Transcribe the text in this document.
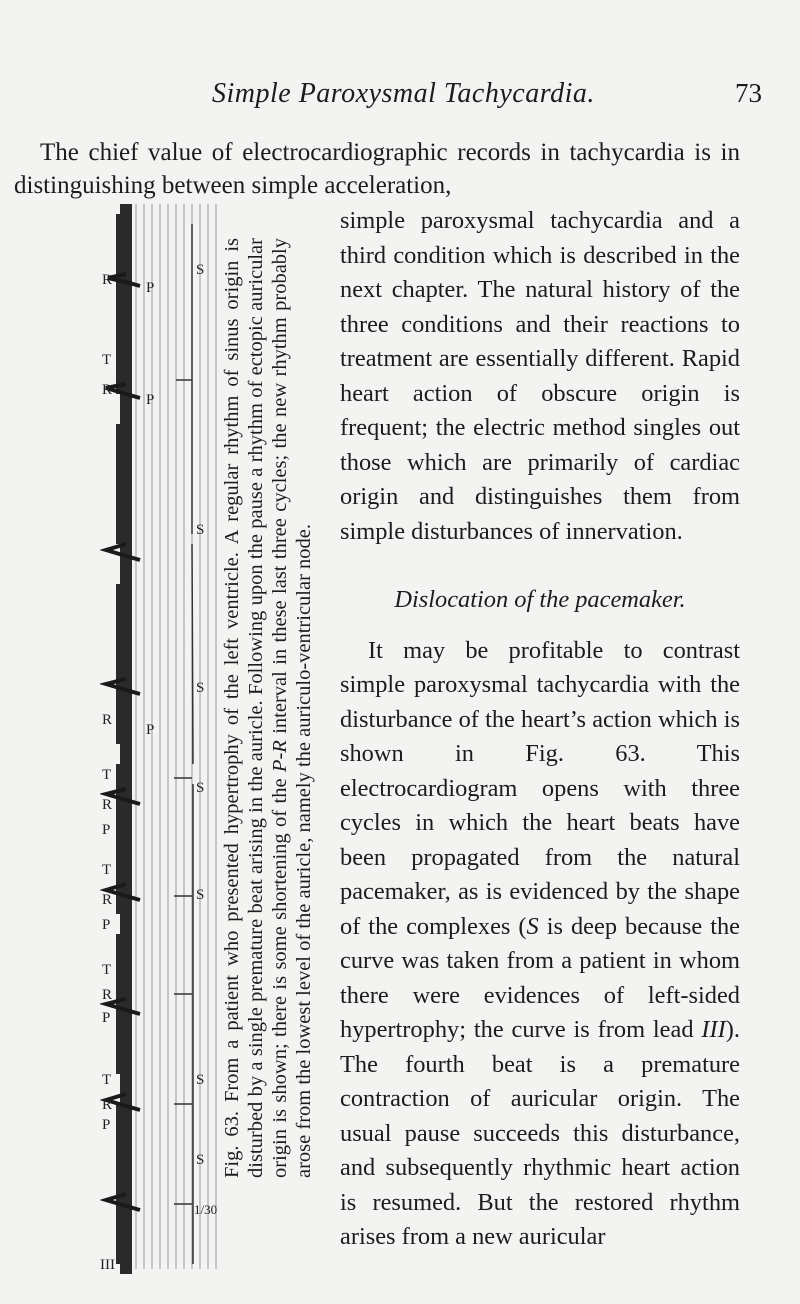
Simple Paroxysmal Tachycardia.	73

The chief value of electrocardiographic records in tachycardia is in distinguishing between simple acceleration,

simple paroxysmal tachycardia and a third condition which is described in the next chapter. The natural history of the three conditions and their reactions to treatment are essentially different. Rapid heart action of obscure origin is frequent; the electric method singles out those which are primarily of cardiac origin and distinguishes them from simple disturbances of innervation.

Dislocation of the pacemaker.

It may be profitable to contrast simple paroxysmal tachycardia with the disturbance of the heart’s action which is shown in Fig. 63. This electrocardiogram opens with three cycles in which the heart beats have been propagated from the natural pacemaker, as is evidenced by the shape of the complexes (S is deep because the curve was taken from a patient in whom there were evidences of left-sided hypertrophy; the curve is from lead III). The fourth beat is a premature contraction of auricular origin. The usual pause succeeds this disturbance, and subsequently rhythmic heart action is resumed. But the restored rhythm arises from a new auricular

R P
T
R
P
R
P
T
R
P
T
R
P
T
R
P
T
R
P
III
S
S
S
S
S
S
S
1/30

Fig. 63. From a patient who presented hypertrophy of the left ventricle. A regular rhythm of sinus origin is disturbed by a single premature beat arising in the auricle. Following upon the pause a rhythm of ectopic auricular origin is shown; there is some shortening of the P-R interval in these last three cycles; the new rhythm probably arose from the lowest level of the auricle, namely the auriculo-ventricular node.
